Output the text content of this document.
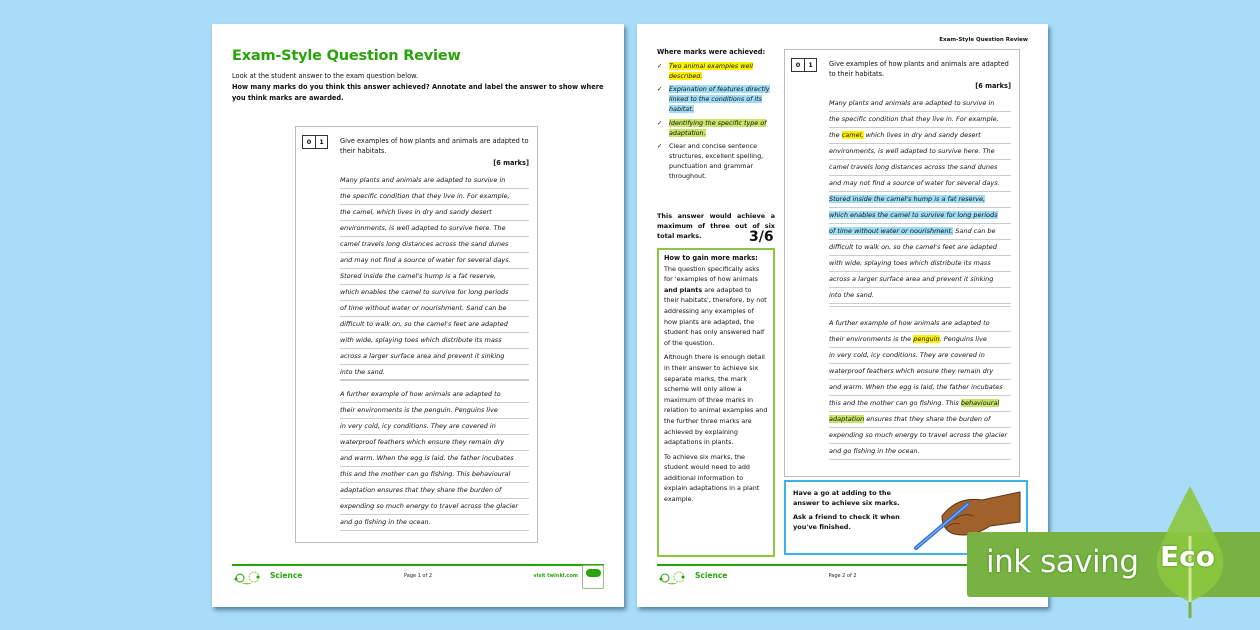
Exam-Style Question Review
Look at the student answer to the exam question below.
How many marks do you think this answer achieved? Annotate and label the answer to show where you think marks are awarded.
0	1	Give examples of how plants and animals are adapted to their habitats.
[6 marks]
Many plants and animals are adapted to survive in
the specific condition that they live in. For example,
the camel, which lives in dry and sandy desert
environments, is well adapted to survive here. The
camel travels long distances across the sand dunes
and may not find a source of water for several days.
Stored inside the camel's hump is a fat reserve,
which enables the camel to survive for long periods
of time without water or nourishment. Sand can be
difficult to walk on, so the camel's feet are adapted
with wide, splaying toes which distribute its mass
across a larger surface area and prevent it sinking
into the sand.
A further example of how animals are adapted to
their environments is the penguin. Penguins live
in very cold, icy conditions. They are covered in
waterproof feathers which ensure they remain dry
and warm. When the egg is laid, the father incubates
this and the mother can go fishing. This behavioural
adaptation ensures that they share the burden of
expending so much energy to travel across the glacier
and go fishing in the ocean.
Science	Page 1 of 2	visit twinkl.com
Exam-Style Question Review
Where marks were achieved:
✓ Two animal examples well described.
✓ Explanation of features directly linked to the conditions of its habitat.
✓ Identifying the specific type of adaptation.
✓ Clear and concise sentence structures, excellent spelling, punctuation and grammar throughout.
This answer would achieve a maximum of three out of six total marks.	3/6
How to gain more marks:

The question specifically asks for 'examples of how animals and plants are adapted to their habitats', therefore, by not addressing any examples of how plants are adapted, the student has only answered half of the question.

Although there is enough detail in their answer to achieve six separate marks, the mark scheme will only allow a maximum of three marks in relation to animal examples and the further three marks are achieved by explaining adaptations in plants.

To achieve six marks, the student would need to add additional information to explain adaptations in a plant example.

0	1	Give examples of how plants and animals are adapted to their habitats.
[6 marks]
Many plants and animals are adapted to survive in
the specific condition that they live in. For example,
the camel, which lives in dry and sandy desert
environments, is well adapted to survive here. The
camel travels long distances across the sand dunes
and may not find a source of water for several days.
Stored inside the camel's hump is a fat reserve,
which enables the camel to survive for long periods
of time without water or nourishment. Sand can be
difficult to walk on, so the camel's feet are adapted
with wide, splaying toes which distribute its mass
across a larger surface area and prevent it sinking
into the sand.
A further example of how animals are adapted to
their environments is the penguin. Penguins live
in very cold, icy conditions. They are covered in
waterproof feathers which ensure they remain dry
and warm. When the egg is laid, the father incubates
this and the mother can go fishing. This behavioural
adaptation ensures that they share the burden of
expending so much energy to travel across the glacier
and go fishing in the ocean.

Have a go at adding to the answer to achieve six marks.

Ask a friend to check it when you've finished.

Science	Page 2 of 2	ink saving Eco
